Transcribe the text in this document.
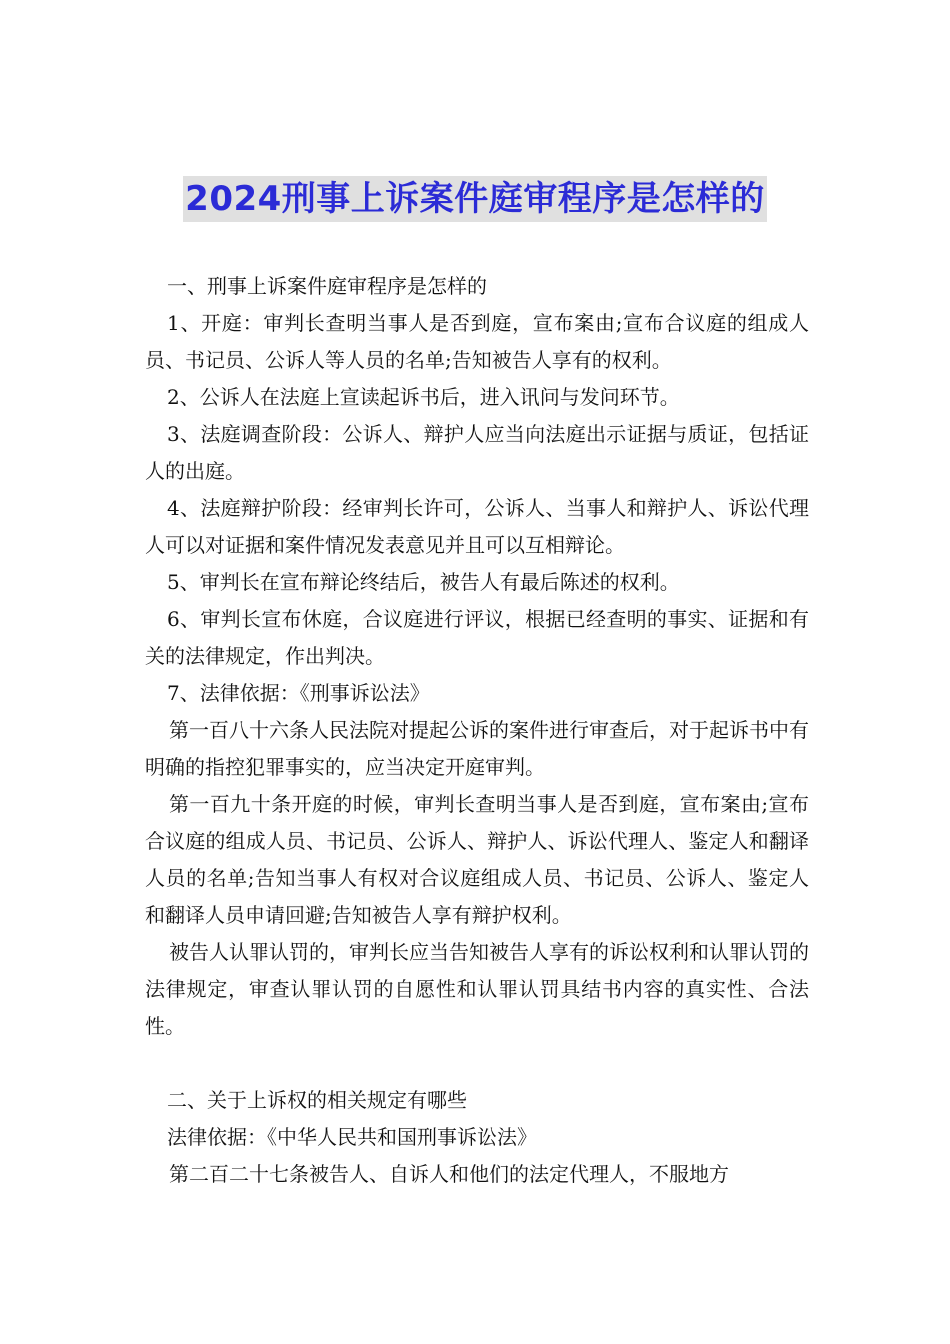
2024刑事上诉案件庭审程序是怎样的

一、刑事上诉案件庭审程序是怎样的

1、开庭：审判长查明当事人是否到庭，宣布案由;宣布合议庭的组成人员、书记员、公诉人等人员的名单;告知被告人享有的权利。

2、公诉人在法庭上宣读起诉书后，进入讯问与发问环节。

3、法庭调查阶段：公诉人、辩护人应当向法庭出示证据与质证，包括证人的出庭。

4、法庭辩护阶段：经审判长许可，公诉人、当事人和辩护人、诉讼代理人可以对证据和案件情况发表意见并且可以互相辩论。

5、审判长在宣布辩论终结后，被告人有最后陈述的权利。

6、审判长宣布休庭，合议庭进行评议，根据已经查明的事实、证据和有关的法律规定，作出判决。

7、法律依据：《刑事诉讼法》

第一百八十六条人民法院对提起公诉的案件进行审查后，对于起诉书中有明确的指控犯罪事实的，应当决定开庭审判。

第一百九十条开庭的时候，审判长查明当事人是否到庭，宣布案由;宣布合议庭的组成人员、书记员、公诉人、辩护人、诉讼代理人、鉴定人和翻译人员的名单;告知当事人有权对合议庭组成人员、书记员、公诉人、鉴定人和翻译人员申请回避;告知被告人享有辩护权利。

被告人认罪认罚的，审判长应当告知被告人享有的诉讼权利和认罪认罚的法律规定，审查认罪认罚的自愿性和认罪认罚具结书内容的真实性、合法性。

二、关于上诉权的相关规定有哪些

法律依据：《中华人民共和国刑事诉讼法》

第二百二十七条被告人、自诉人和他们的法定代理人，不服地方
